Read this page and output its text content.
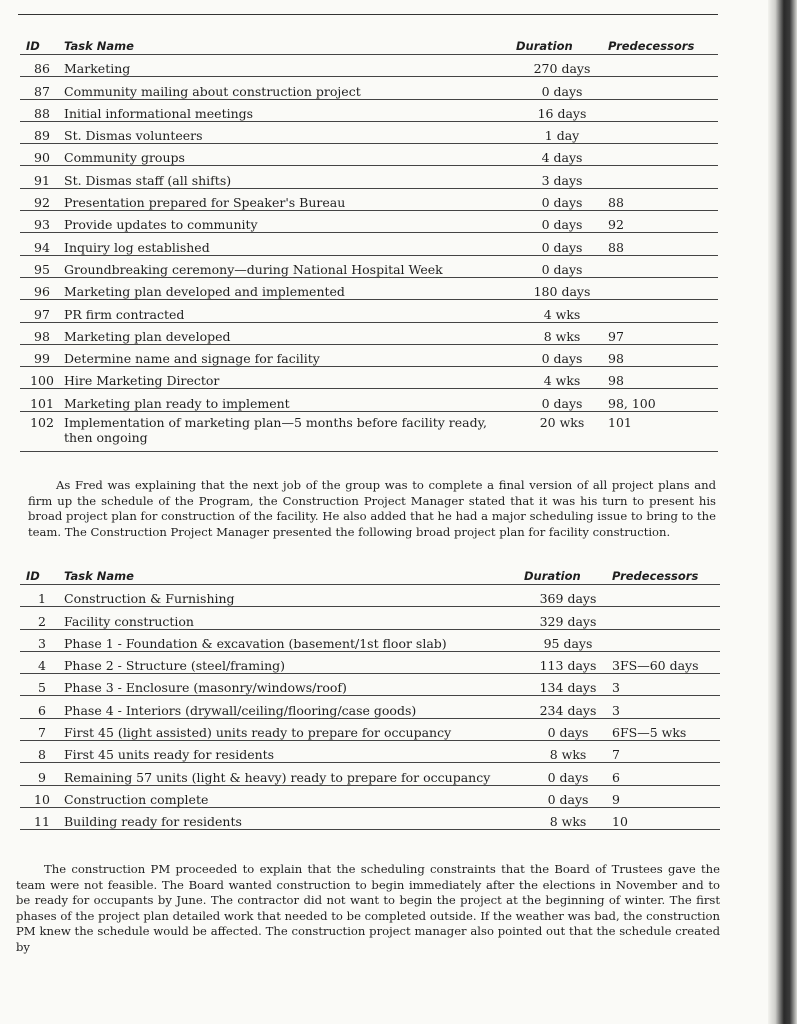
ID	Task Name	Duration	Predecessors
86	Marketing	270 days	
87	Community mailing about construction project	0 days	
88	Initial informational meetings	16 days	
89	St. Dismas volunteers	1 day	
90	Community groups	4 days	
91	St. Dismas staff (all shifts)	3 days	
92	Presentation prepared for Speaker's Bureau	0 days	88
93	Provide updates to community	0 days	92
94	Inquiry log established	0 days	88
95	Groundbreaking ceremony—during National Hospital Week	0 days	
96	Marketing plan developed and implemented	180 days	
97	PR firm contracted	4 wks	
98	Marketing plan developed	8 wks	97
99	Determine name and signage for facility	0 days	98
100	Hire Marketing Director	4 wks	98
101	Marketing plan ready to implement	0 days	98, 100
102	Implementation of marketing plan—5 months before facility ready, then ongoing	20 wks	101

As Fred was explaining that the next job of the group was to complete a final version of all project plans and firm up the schedule of the Program, the Construction Project Manager stated that it was his turn to present his broad project plan for construction of the facility. He also added that he had a major scheduling issue to bring to the team. The Construction Project Manager presented the following broad project plan for facility construction.

ID	Task Name	Duration	Predecessors
1	Construction & Furnishing	369 days	
2	Facility construction	329 days	
3	Phase 1 - Foundation & excavation (basement/1st floor slab)	95 days	
4	Phase 2 - Structure (steel/framing)	113 days	3FS—60 days
5	Phase 3 - Enclosure (masonry/windows/roof)	134 days	3
6	Phase 4 - Interiors (drywall/ceiling/flooring/case goods)	234 days	3
7	First 45 (light assisted) units ready to prepare for occupancy	0 days	6FS—5 wks
8	First 45 units ready for residents	8 wks	7
9	Remaining 57 units (light & heavy) ready to prepare for occupancy	0 days	6
10	Construction complete	0 days	9
11	Building ready for residents	8 wks	10

The construction PM proceeded to explain that the scheduling constraints that the Board of Trustees gave the team were not feasible. The Board wanted construction to begin immediately after the elections in November and to be ready for occupants by June. The contractor did not want to begin the project at the beginning of winter. The first phases of the project plan detailed work that needed to be completed outside. If the weather was bad, the construction PM knew the schedule would be affected. The construction project manager also pointed out that the schedule created by
